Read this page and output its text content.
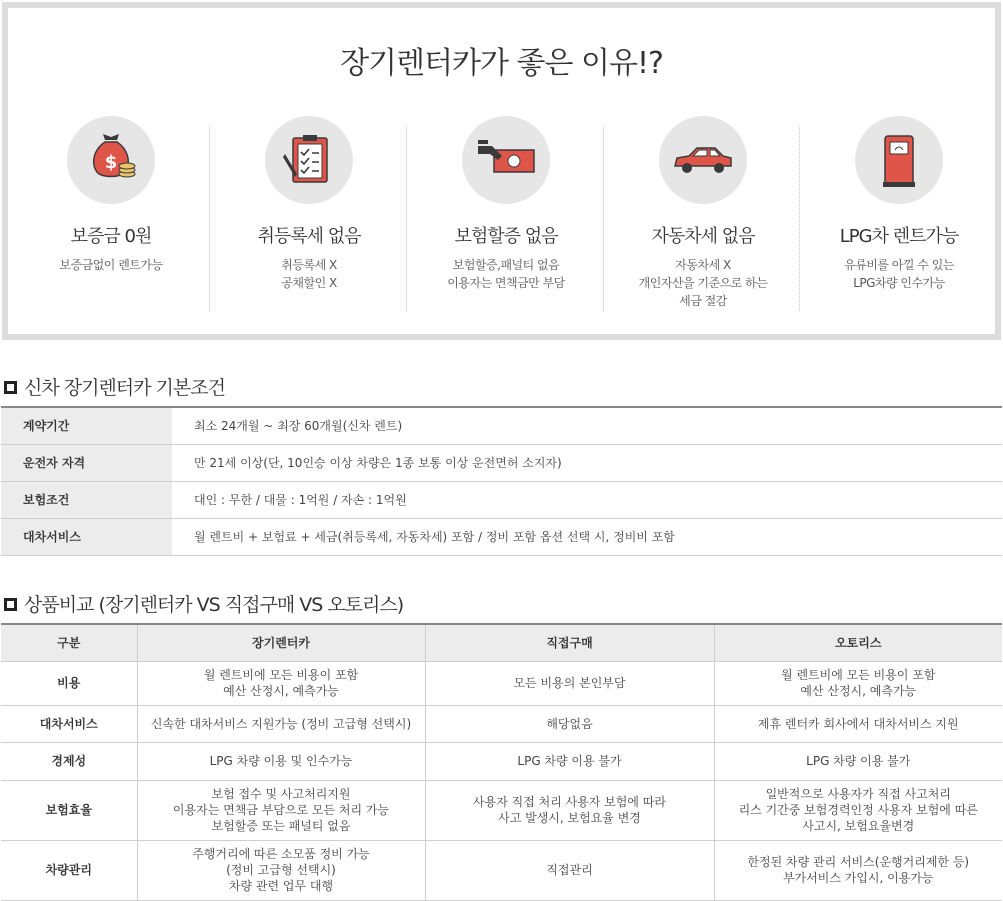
장기렌터카가 좋은 이유!?
$
보증금 0원
보증금없이 렌트가능
취등록세 없음
취등록세 X
공채할인 X
보험할증 없음
보험할증,패널티 없음
이용자는 면책금만 부담
자동차세 없음
자동차세 X
개인자산을 기준으로 하는
세금 절감
LPG차 렌트가능
유류비를 아낄 수 있는
LPG차량 인수가능
신차 장기렌터카 기본조건
계약기간	최소 24개월 ~ 최장 60개월(신차 렌트)
운전자 자격	만 21세 이상(단, 10인승 이상 차량은 1종 보통 이상 운전면허 소지자)
보험조건	대인 : 무한 / 대물 : 1억원 / 자손 : 1억원
대차서비스	월 렌트비 + 보험료 + 세금(취등록세, 자동차세) 포함 / 정비 포함 옵션 선택 시, 정비비 포함
상품비교 (장기렌터카 VS 직접구매 VS 오토리스)
구분	장기렌터카	직접구매	오토리스
비용	월 렌트비에 모든 비용이 포함
예산 산정시, 예측가능	모든 비용의 본인부담	월 렌트비에 모든 비용이 포함
예산 산정시, 예측가능
대차서비스	신속한 대차서비스 지원가능 (정비 고급형 선택시)	해당없음	제휴 렌터카 회사에서 대차서비스 지원
경제성	LPG 차량 이용 및 인수가능	LPG 차량 이용 불가	LPG 차량 이용 불가
보험효율	보험 접수 및 사고처리지원
이용자는 면책금 부담으로 모든 처리 가능
보험할증 또는 패널티 없음	사용자 직접 처리 사용자 보험에 따라
사고 발생시, 보험요율 변경	일반적으로 사용자가 직접 사고처리
리스 기간중 보험경력인정 사용자 보험에 따른
사고시, 보험요율변경
차량관리	주행거리에 따른 소모품 정비 가능
(정비 고급형 선택시)
차량 관련 업무 대행	직접관리	한정된 차량 관리 서비스(운행거리제한 등)
부가서비스 가입시, 이용가능
